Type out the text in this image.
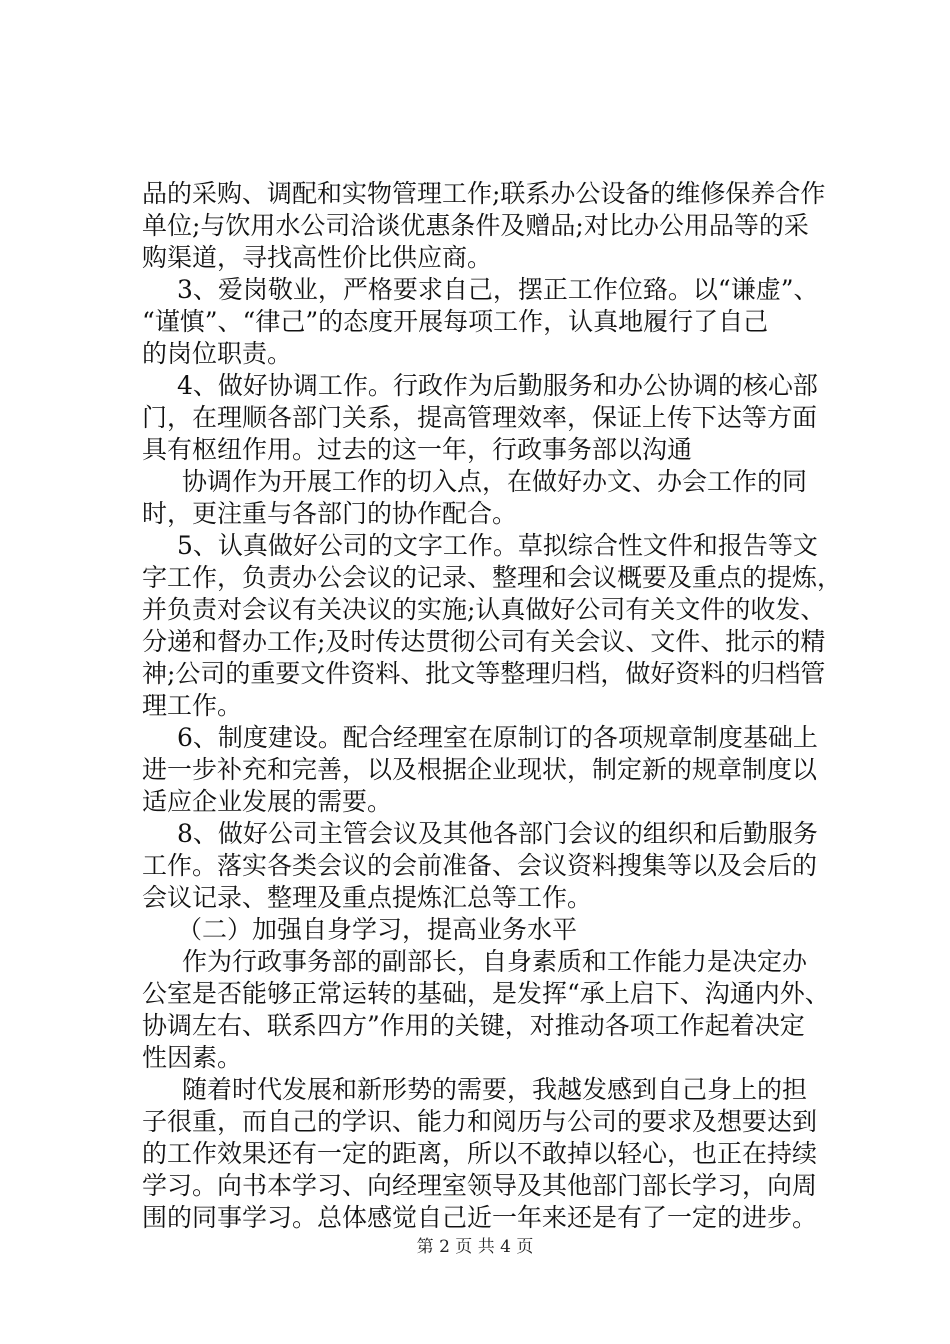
品的采购、调配和实物管理工作;联系办公设备的维修保养合作
单位;与饮用水公司洽谈优惠条件及赠品;对比办公用品等的采
购渠道，寻找高性价比供应商。
3、爱岗敬业，严格要求自己，摆正工作位臵。以“谦虚”、
“谨慎”、“律己”的态度开展每项工作，认真地履行了自己
的岗位职责。
4、做好协调工作。行政作为后勤服务和办公协调的核心部
门，在理顺各部门关系，提高管理效率，保证上传下达等方面
具有枢纽作用。过去的这一年，行政事务部以沟通
协调作为开展工作的切入点，在做好办文、办会工作的同
时，更注重与各部门的协作配合。
5、认真做好公司的文字工作。草拟综合性文件和报告等文
字工作，负责办公会议的记录、整理和会议概要及重点的提炼，
并负责对会议有关决议的实施;认真做好公司有关文件的收发、
分递和督办工作;及时传达贯彻公司有关会议、文件、批示的精
神;公司的重要文件资料、批文等整理归档，做好资料的归档管
理工作。
6、制度建设。配合经理室在原制订的各项规章制度基础上
进一步补充和完善，以及根据企业现状，制定新的规章制度以
适应企业发展的需要。
8、做好公司主管会议及其他各部门会议的组织和后勤服务
工作。落实各类会议的会前准备、会议资料搜集等以及会后的
会议记录、整理及重点提炼汇总等工作。
（二）加强自身学习，提高业务水平
作为行政事务部的副部长，自身素质和工作能力是决定办
公室是否能够正常运转的基础，是发挥“承上启下、沟通内外、
协调左右、联系四方”作用的关键，对推动各项工作起着决定
性因素。
随着时代发展和新形势的需要，我越发感到自己身上的担
子很重，而自己的学识、能力和阅历与公司的要求及想要达到
的工作效果还有一定的距离，所以不敢掉以轻心，也正在持续
学习。向书本学习、向经理室领导及其他部门部长学习，向周
围的同事学习。总体感觉自己近一年来还是有了一定的进步。
第 2 页 共 4 页
